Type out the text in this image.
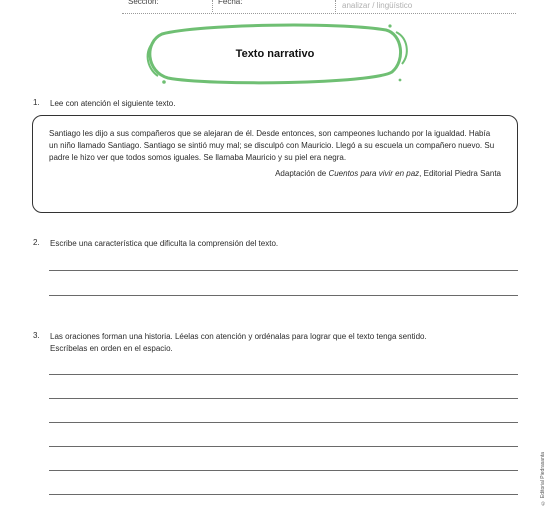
Sección:	Fecha:	analizar / lingüístico
Texto narrativo
1. Lee con atención el siguiente texto.

Santiago les dijo a sus compañeros que se alejaran de él. Desde entonces, son campeones luchando por la igualdad. Había un niño llamado Santiago. Santiago se sintió muy mal; se disculpó con Mauricio. Llegó a su escuela un compañero nuevo. Su padre le hizo ver que todos somos iguales. Se llamaba Mauricio y su piel era negra.

Adaptación de Cuentos para vivir en paz, Editorial Piedra Santa

2. Escribe una característica que dificulta la comprensión del texto.
3. Las oraciones forman una historia. Léelas con atención y ordénalas para lograr que el texto tenga sentido.
Escríbelas en orden en el espacio.
© Editorial Piedrasanta
